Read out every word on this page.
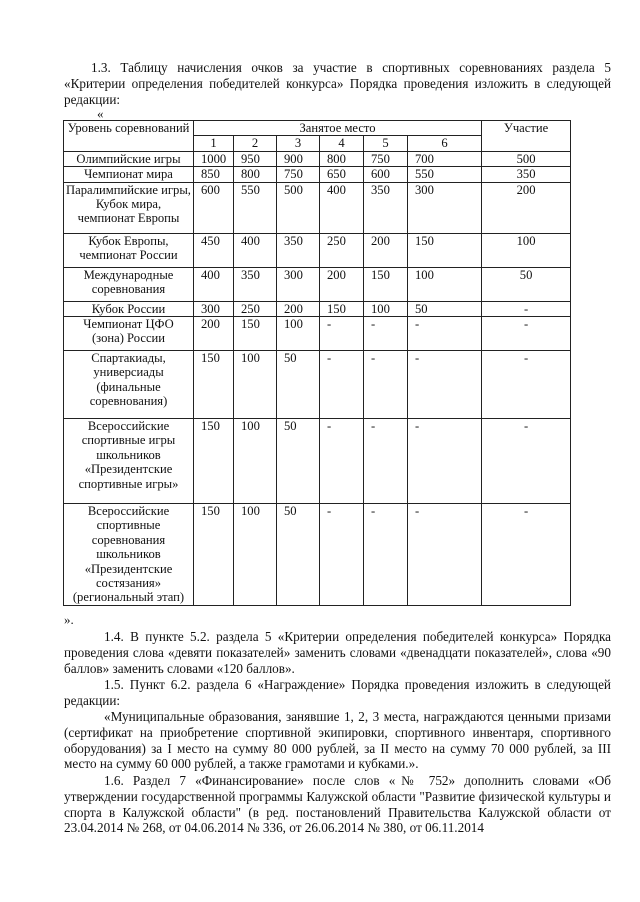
1.3. Таблицу начисления очков за участие в спортивных соревнованиях раздела 5 «Критерии определения победителей конкурса» Порядка проведения изложить в следующей редакции:
«
Уровень соревнований	Занятое место						Участие
	1	2	3	4	5	6	
Олимпийские игры	1000	950	900	800	750	700	500
Чемпионат мира	850	800	750	650	600	550	350
Паралимпийские игры, Кубок мира, чемпионат Европы	600	550	500	400	350	300	200
Кубок Европы, чемпионат России	450	400	350	250	200	150	100
Международные соревнования	400	350	300	200	150	100	50
Кубок России	300	250	200	150	100	50	-
Чемпионат ЦФО (зона) России	200	150	100	-	-	-	-
Спартакиады, универсиады (финальные соревнования)	150	100	50	-	-	-	-
Всероссийские спортивные игры школьников «Президентские спортивные игры»	150	100	50	-	-	-	-
Всероссийские спортивные соревнования школьников «Президентские состязания» (региональный этап)	150	100	50	-	-	-	-
».
1.4. В пункте 5.2. раздела 5 «Критерии определения победителей конкурса» Порядка проведения слова «девяти показателей» заменить словами «двенадцати показателей», слова «90 баллов» заменить словами «120 баллов».
1.5. Пункт 6.2. раздела 6 «Награждение» Порядка проведения изложить в следующей редакции:
«Муниципальные образования, занявшие 1, 2, 3 места, награждаются ценными призами (сертификат на приобретение спортивной экипировки, спортивного инвентаря, спортивного оборудования) за I место на сумму 80 000 рублей, за II место на сумму 70 000 рублей, за III место на сумму 60 000 рублей, а также грамотами и кубками.».
1.6. Раздел 7 «Финансирование» после слов «№ 752» дополнить словами «Об утверждении государственной программы Калужской области "Развитие физической культуры и спорта в Калужской области" (в ред. постановлений Правительства Калужской области от 23.04.2014 № 268, от 04.06.2014 № 336, от 26.06.2014 № 380, от 06.11.2014
